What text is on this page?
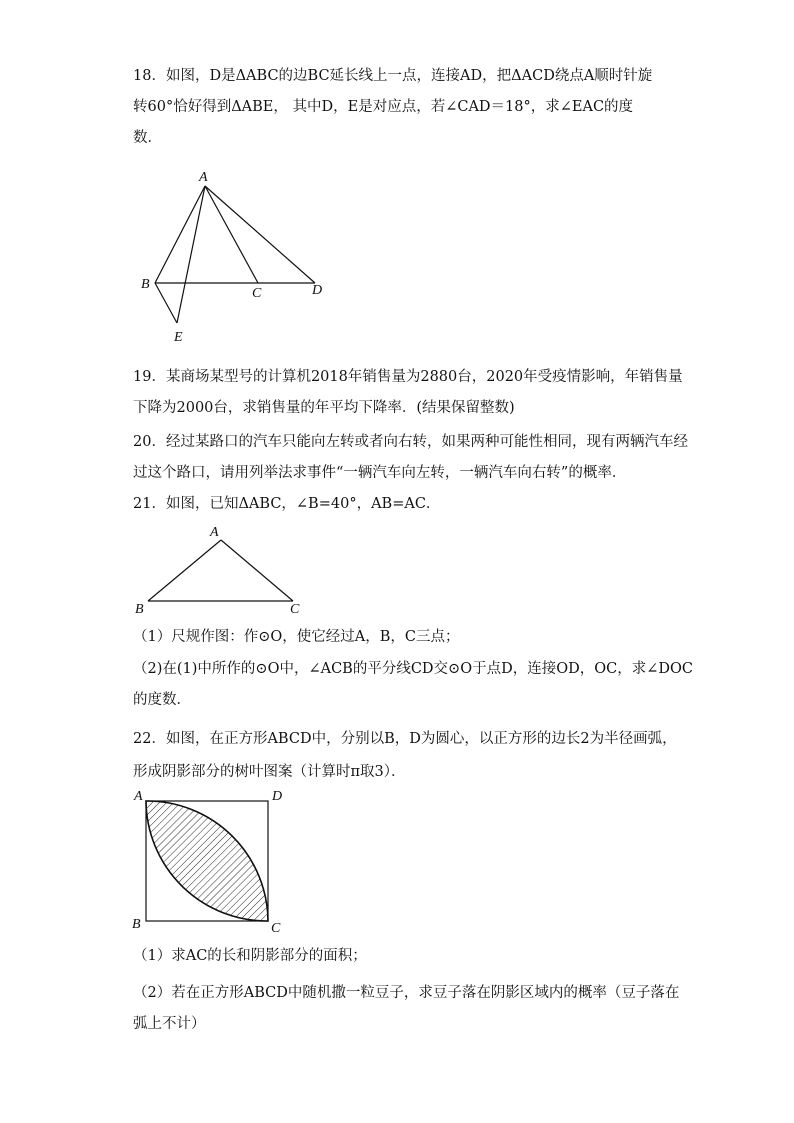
18．如图，D是ΔABC的边BC延长线上一点，连接AD，把ΔACD绕点A顺时针旋
转60°恰好得到ΔABE， 其中D，E是对应点，若∠CAD＝18°，求∠EAC的度
数．
A
B
C	D
E
19．某商场某型号的计算机2018年销售量为2880台，2020年受疫情影响，年销售量
下降为2000台，求销售量的年平均下降率．(结果保留整数)
20．经过某路口的汽车只能向左转或者向右转，如果两种可能性相同，现有两辆汽车经
过这个路口，请用列举法求事件“一辆汽车向左转，一辆汽车向右转”的概率．
21．如图，已知ΔABC，∠B=40°，AB=AC．
A
B	C
（1）尺规作图：作⊙O，使它经过A，B，C三点；
（2)在(1)中所作的⊙O中，∠ACB的平分线CD交⊙O于点D，连接OD，OC，求∠DOC
的度数．
22．如图，在正方形ABCD中，分别以B，D为圆心，以正方形的边长2为半径画弧，
形成阴影部分的树叶图案（计算时π取3）．
A	D
B	C
（1）求AC的长和阴影部分的面积；
（2）若在正方形ABCD中随机撒一粒豆子，求豆子落在阴影区域内的概率（豆子落在
弧上不计）
